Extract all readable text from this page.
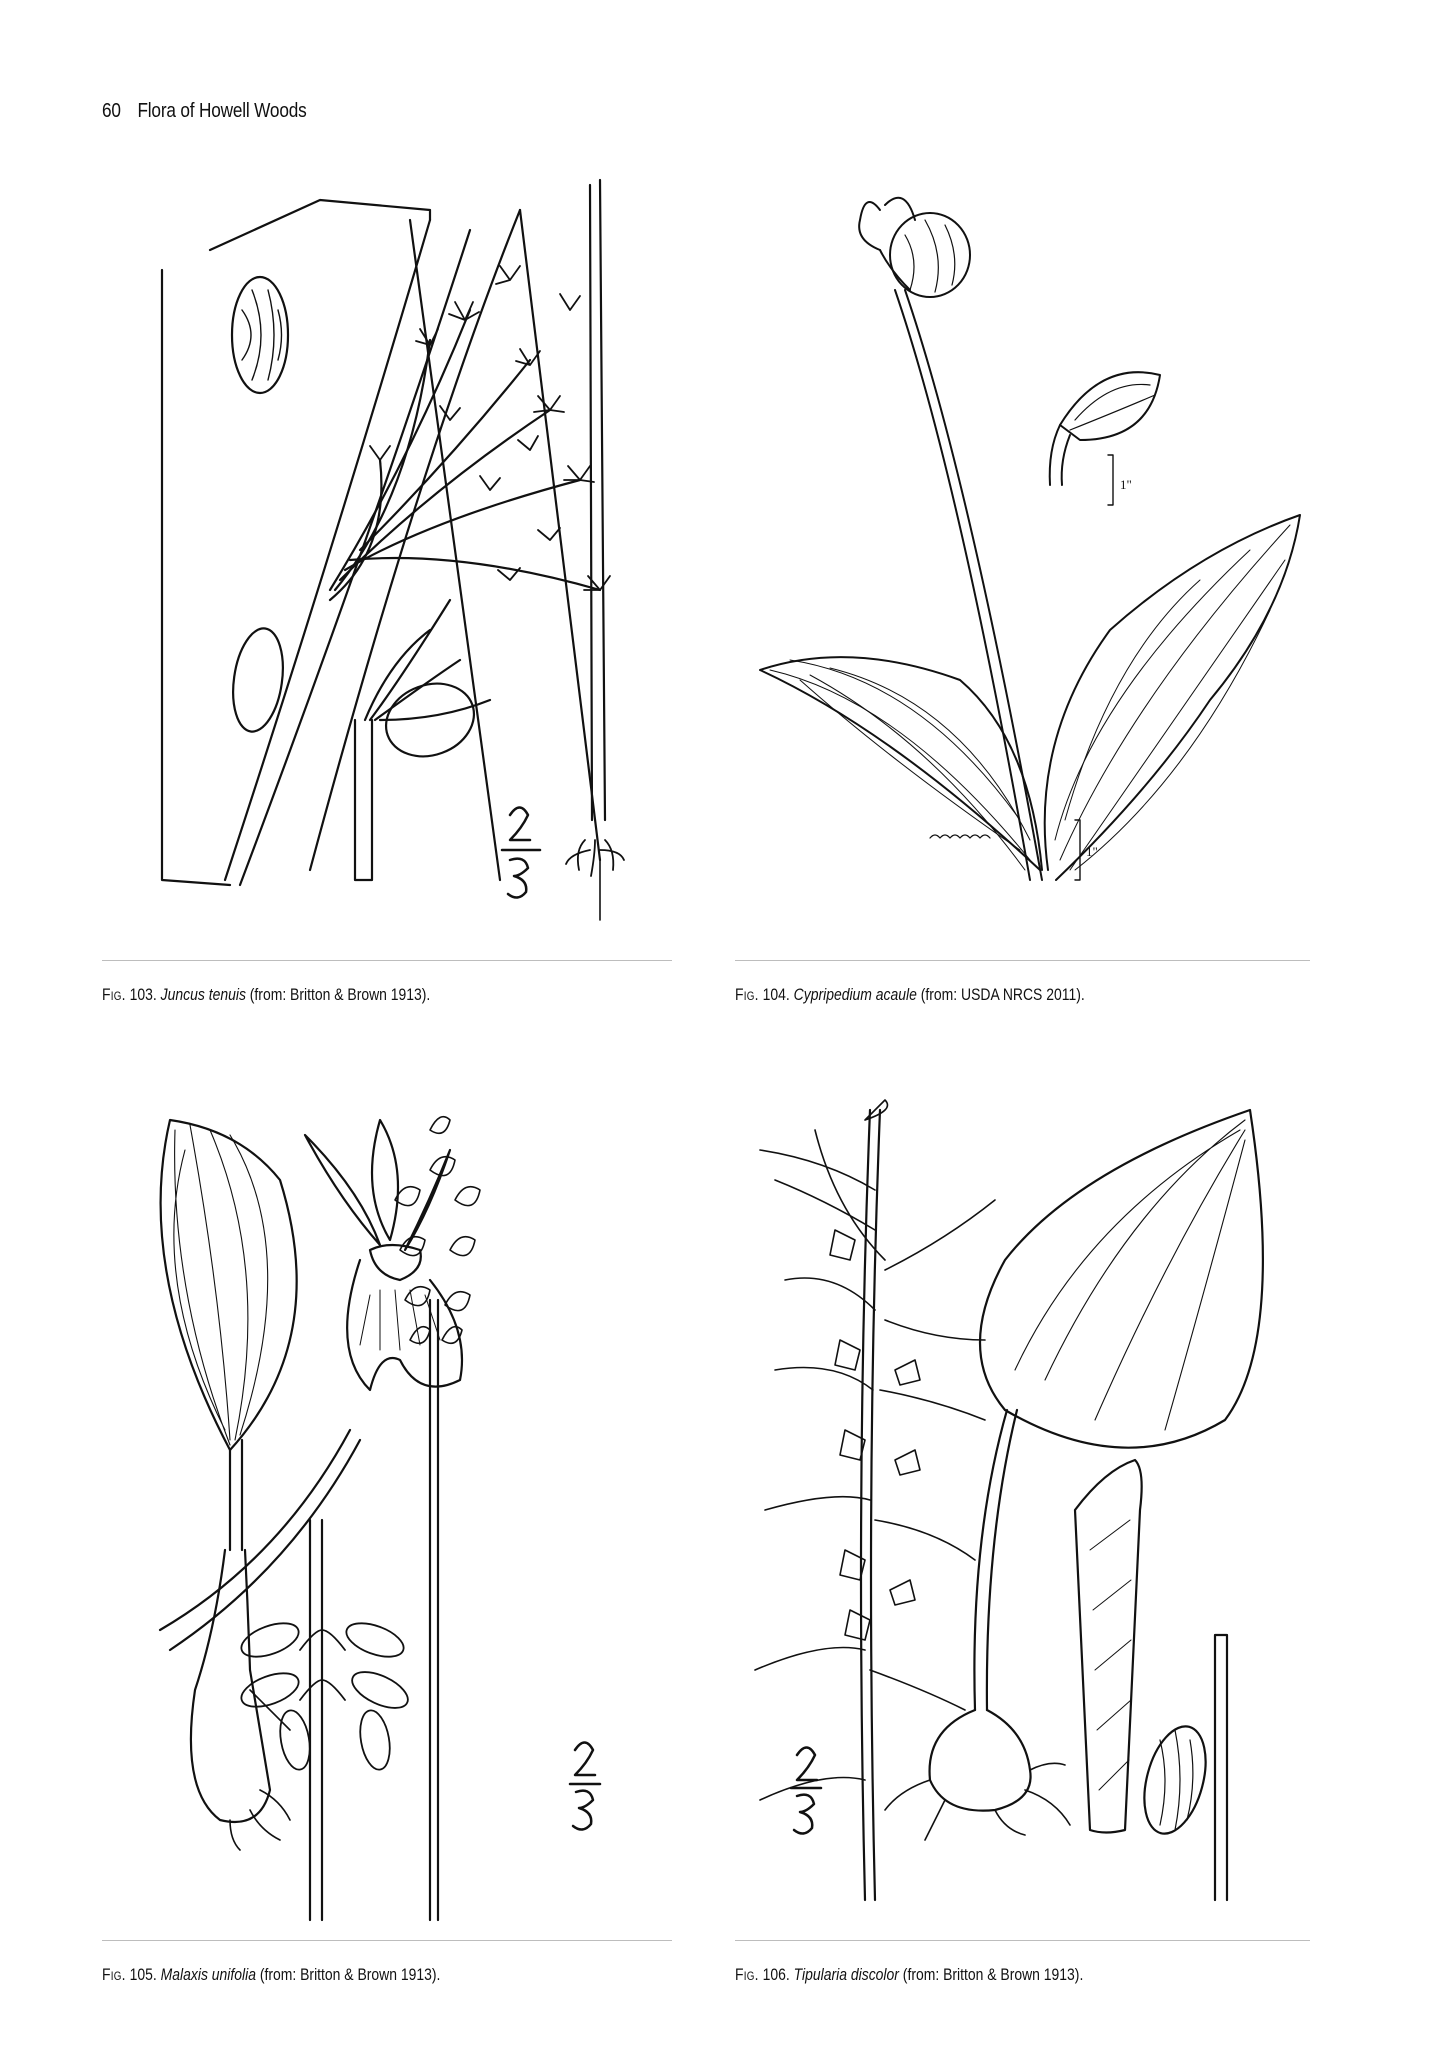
60 Flora of Howell Woods
1"
1"
Fig. 103. Juncus tenuis (from: Britton & Brown 1913).	Fig. 104. Cypripedium acaule (from: USDA NRCS 2011).
Fig. 105. Malaxis unifolia (from: Britton & Brown 1913).	Fig. 106. Tipularia discolor (from: Britton & Brown 1913).
